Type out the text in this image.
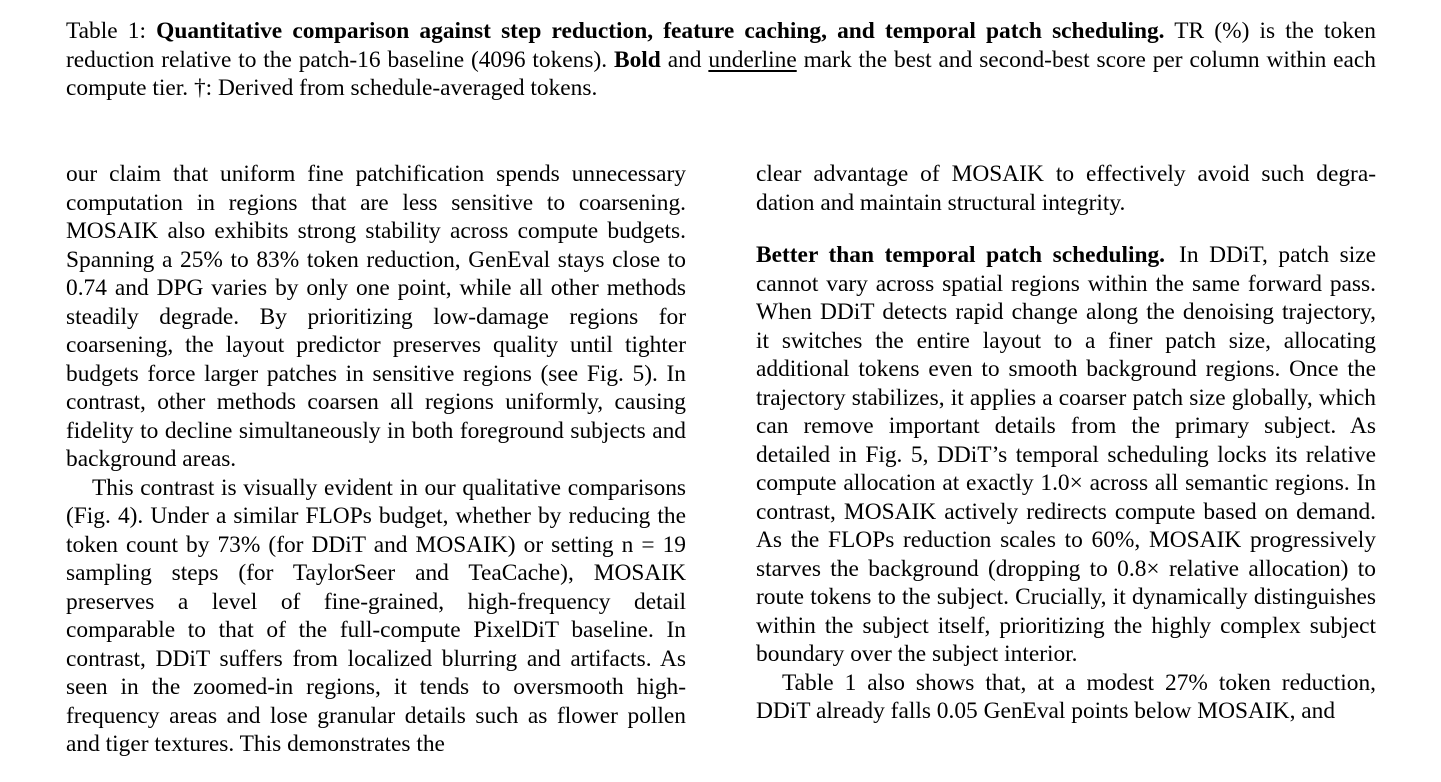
Table 1: Quantitative comparison against step reduction, feature caching, and temporal patch scheduling. TR (%) is the token reduction relative to the patch-16 baseline (4096 tokens). Bold and underline mark the best and second-best score per column within each compute tier. †: Derived from schedule-averaged tokens.

our claim that uniform fine patchification spends unnecessary computation in regions that are less sensitive to coarsening. MOSAIK also exhibits strong stability across compute budgets. Spanning a 25% to 83% token reduction, GenEval stays close to 0.74 and DPG varies by only one point, while all other methods steadily degrade. By prioritizing low-damage regions for coarsening, the layout predictor preserves quality until tighter budgets force larger patches in sensitive regions (see Fig. 5). In contrast, other methods coarsen all regions uniformly, causing fidelity to decline simultaneously in both foreground subjects and background areas.

This contrast is visually evident in our qualitative comparisons (Fig. 4). Under a similar FLOPs budget, whether by reducing the token count by 73% (for DDiT and MOSAIK) or setting n = 19 sampling steps (for TaylorSeer and TeaCache), MOSAIK preserves a level of fine-grained, high-frequency detail comparable to that of the full-compute PixelDiT baseline. In contrast, DDiT suffers from localized blurring and artifacts. As seen in the zoomed-in regions, it tends to oversmooth high-frequency areas and lose granular details such as flower pollen and tiger textures. This demonstrates the

clear advantage of MOSAIK to effectively avoid such degradation and maintain structural integrity.

Better than temporal patch scheduling. In DDiT, patch size cannot vary across spatial regions within the same forward pass. When DDiT detects rapid change along the denoising trajectory, it switches the entire layout to a finer patch size, allocating additional tokens even to smooth background regions. Once the trajectory stabilizes, it applies a coarser patch size globally, which can remove important details from the primary subject. As detailed in Fig. 5, DDiT’s temporal scheduling locks its relative compute allocation at exactly 1.0× across all semantic regions. In contrast, MOSAIK actively redirects compute based on demand. As the FLOPs reduction scales to 60%, MOSAIK progressively starves the background (dropping to 0.8× relative allocation) to route tokens to the subject. Crucially, it dynamically distinguishes within the subject itself, prioritizing the highly complex subject boundary over the subject interior.

Table 1 also shows that, at a modest 27% token reduction, DDiT already falls 0.05 GenEval points below MOSAIK, and
